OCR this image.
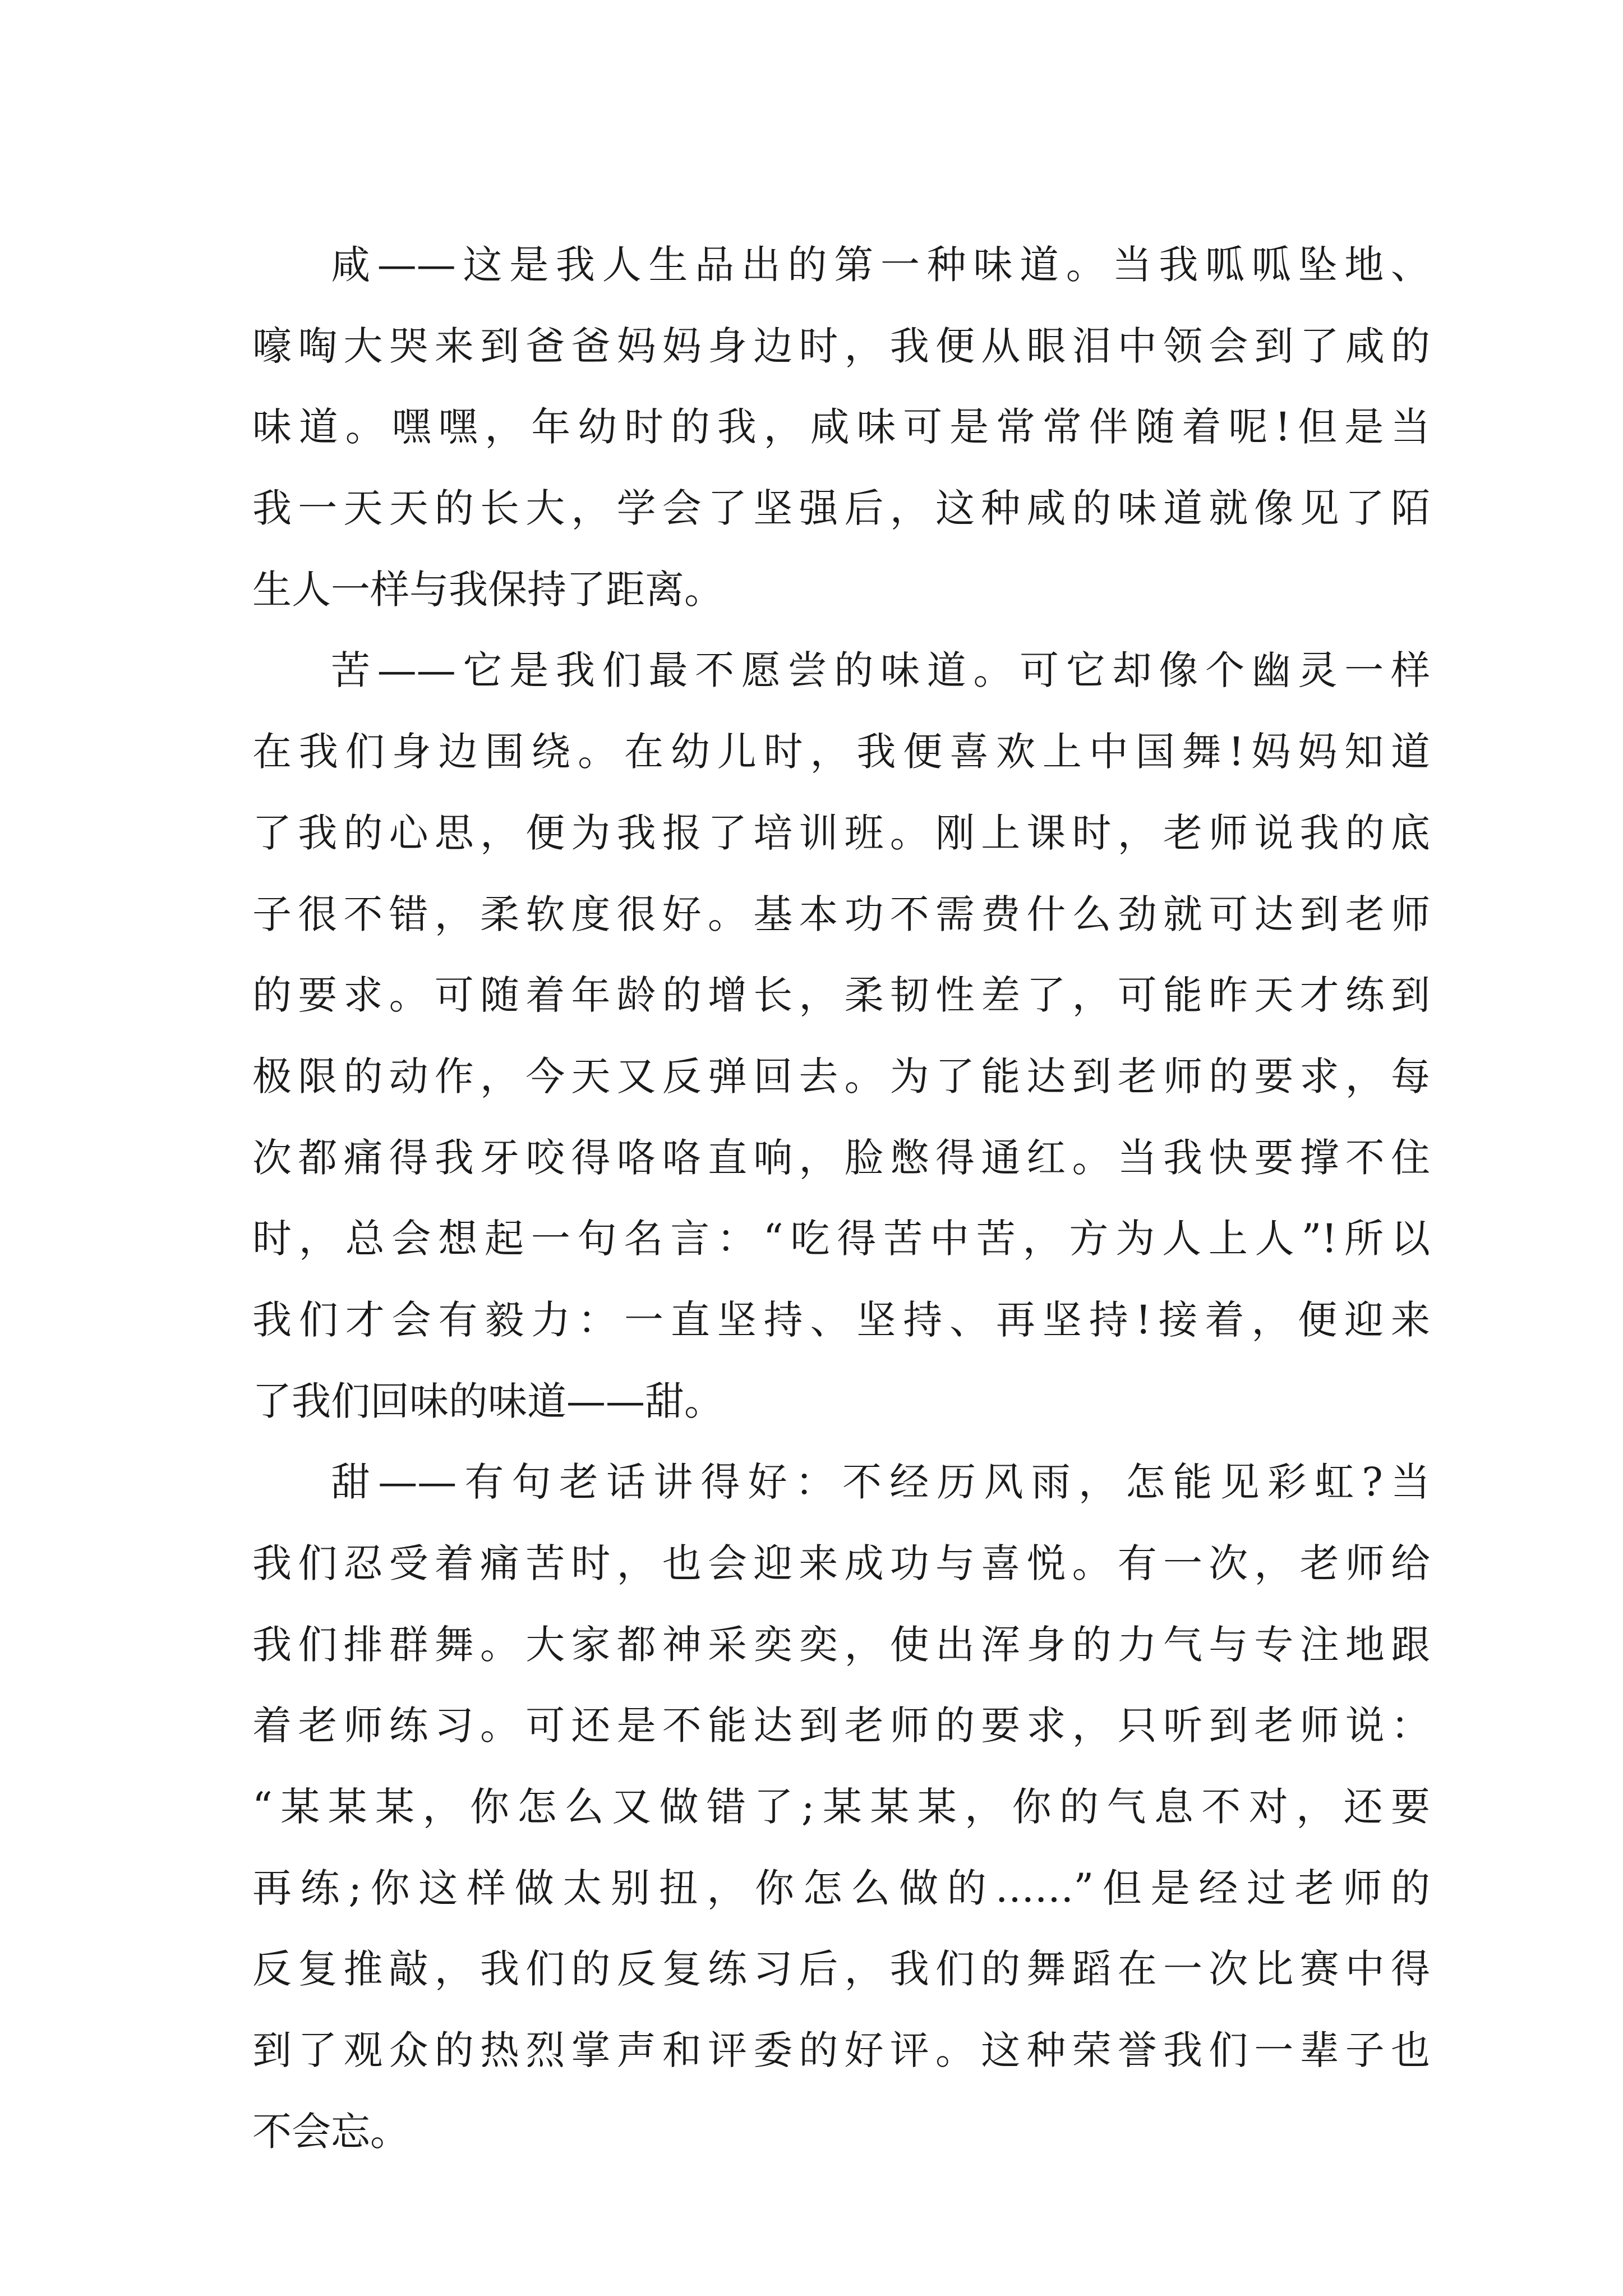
咸——这是我人生品出的第一种味道。当我呱呱坠地、
嚎啕大哭来到爸爸妈妈身边时，我便从眼泪中领会到了咸的
味道。嘿嘿，年幼时的我，咸味可是常常伴随着呢!但是当
我一天天的长大，学会了坚强后，这种咸的味道就像见了陌
生人一样与我保持了距离。
苦——它是我们最不愿尝的味道。可它却像个幽灵一样
在我们身边围绕。在幼儿时，我便喜欢上中国舞!妈妈知道
了我的心思，便为我报了培训班。刚上课时，老师说我的底
子很不错，柔软度很好。基本功不需费什么劲就可达到老师
的要求。可随着年龄的增长，柔韧性差了，可能昨天才练到
极限的动作，今天又反弹回去。为了能达到老师的要求，每
次都痛得我牙咬得咯咯直响，脸憋得通红。当我快要撑不住
时，总会想起一句名言：“吃得苦中苦，方为人上人”!所以
我们才会有毅力：一直坚持、坚持、再坚持!接着，便迎来
了我们回味的味道——甜。
甜——有句老话讲得好：不经历风雨，怎能见彩虹?当
我们忍受着痛苦时，也会迎来成功与喜悦。有一次，老师给
我们排群舞。大家都神采奕奕，使出浑身的力气与专注地跟
着老师练习。可还是不能达到老师的要求，只听到老师说：
“某某某，你怎么又做错了;某某某，你的气息不对，还要
再练;你这样做太别扭，你怎么做的……”但是经过老师的
反复推敲，我们的反复练习后，我们的舞蹈在一次比赛中得
到了观众的热烈掌声和评委的好评。这种荣誉我们一辈子也
不会忘。
